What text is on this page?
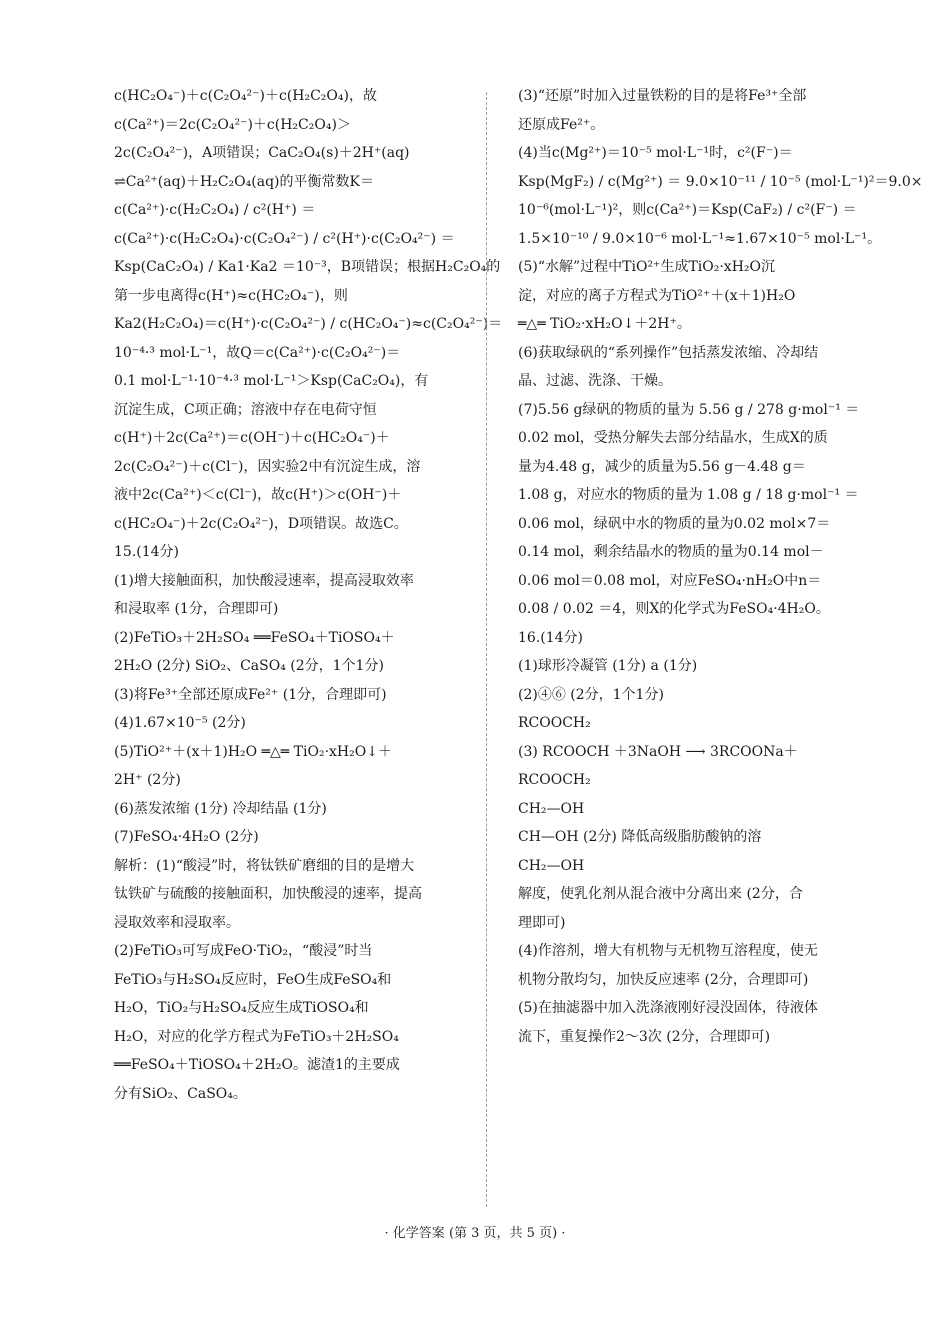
c(HC₂O₄⁻)＋c(C₂O₄²⁻)＋c(H₂C₂O₄)，故
c(Ca²⁺)＝2c(C₂O₄²⁻)＋c(H₂C₂O₄)＞
2c(C₂O₄²⁻)，A项错误；CaC₂O₄(s)＋2H⁺(aq)
⇌Ca²⁺(aq)＋H₂C₂O₄(aq)的平衡常数K＝
c(Ca²⁺)·c(H₂C₂O₄) / c²(H⁺) ＝
c(Ca²⁺)·c(H₂C₂O₄)·c(C₂O₄²⁻) / c²(H⁺)·c(C₂O₄²⁻) ＝
Ksp(CaC₂O₄) / Ka1·Ka2 ＝10⁻³，B项错误；根据H₂C₂O₄的
第一步电离得c(H⁺)≈c(HC₂O₄⁻)，则
Ka2(H₂C₂O₄)＝c(H⁺)·c(C₂O₄²⁻) / c(HC₂O₄⁻)≈c(C₂O₄²⁻)＝
10⁻⁴·³ mol·L⁻¹，故Q＝c(Ca²⁺)·c(C₂O₄²⁻)＝
0.1 mol·L⁻¹·10⁻⁴·³ mol·L⁻¹＞Ksp(CaC₂O₄)，有
沉淀生成，C项正确；溶液中存在电荷守恒
c(H⁺)＋2c(Ca²⁺)＝c(OH⁻)＋c(HC₂O₄⁻)＋
2c(C₂O₄²⁻)＋c(Cl⁻)，因实验2中有沉淀生成，溶
液中2c(Ca²⁺)＜c(Cl⁻)，故c(H⁺)＞c(OH⁻)＋
c(HC₂O₄⁻)＋2c(C₂O₄²⁻)，D项错误。故选C。
15.(14分)
(1)增大接触面积，加快酸浸速率，提高浸取效率
和浸取率 (1分，合理即可)
(2)FeTiO₃＋2H₂SO₄ ══FeSO₄＋TiOSO₄＋
2H₂O (2分) SiO₂、CaSO₄ (2分，1个1分)
(3)将Fe³⁺全部还原成Fe²⁺ (1分，合理即可)
(4)1.67×10⁻⁵ (2分)
(5)TiO²⁺＋(x＋1)H₂O ═△═ TiO₂·xH₂O↓＋
2H⁺ (2分)
(6)蒸发浓缩 (1分) 冷却结晶 (1分)
(7)FeSO₄·4H₂O (2分)
解析：(1)“酸浸”时，将钛铁矿磨细的目的是增大
钛铁矿与硫酸的接触面积，加快酸浸的速率，提高
浸取效率和浸取率。
(2)FeTiO₃可写成FeO·TiO₂，“酸浸”时当
FeTiO₃与H₂SO₄反应时，FeO生成FeSO₄和
H₂O，TiO₂与H₂SO₄反应生成TiOSO₄和
H₂O，对应的化学方程式为FeTiO₃＋2H₂SO₄
══FeSO₄＋TiOSO₄＋2H₂O。滤渣1的主要成
分有SiO₂、CaSO₄。
(3)“还原”时加入过量铁粉的目的是将Fe³⁺全部
还原成Fe²⁺。
(4)当c(Mg²⁺)＝10⁻⁵ mol·L⁻¹时，c²(F⁻)＝
Ksp(MgF₂) / c(Mg²⁺) ＝ 9.0×10⁻¹¹ / 10⁻⁵ (mol·L⁻¹)²＝9.0×
10⁻⁶(mol·L⁻¹)²，则c(Ca²⁺)＝Ksp(CaF₂) / c²(F⁻) ＝
1.5×10⁻¹⁰ / 9.0×10⁻⁶ mol·L⁻¹≈1.67×10⁻⁵ mol·L⁻¹。
(5)“水解”过程中TiO²⁺生成TiO₂·xH₂O沉
淀，对应的离子方程式为TiO²⁺＋(x＋1)H₂O
═△═ TiO₂·xH₂O↓＋2H⁺。
(6)获取绿矾的“系列操作”包括蒸发浓缩、冷却结
晶、过滤、洗涤、干燥。
(7)5.56 g绿矾的物质的量为 5.56 g / 278 g·mol⁻¹ ＝
0.02 mol，受热分解失去部分结晶水，生成X的质
量为4.48 g，减少的质量为5.56 g－4.48 g＝
1.08 g，对应水的物质的量为 1.08 g / 18 g·mol⁻¹ ＝
0.06 mol，绿矾中水的物质的量为0.02 mol×7＝
0.14 mol，剩余结晶水的物质的量为0.14 mol－
0.06 mol＝0.08 mol，对应FeSO₄·nH₂O中n＝
0.08 / 0.02 ＝4，则X的化学式为FeSO₄·4H₂O。
16.(14分)
(1)球形冷凝管 (1分) a (1分)
(2)④⑥ (2分，1个1分)
RCOOCH₂
(3) RCOOCH ＋3NaOH ⟶ 3RCOONa＋
RCOOCH₂
CH₂—OH
CH—OH (2分) 降低高级脂肪酸钠的溶
CH₂—OH
解度，使乳化剂从混合液中分离出来 (2分，合
理即可)
(4)作溶剂，增大有机物与无机物互溶程度，使无
机物分散均匀，加快反应速率 (2分，合理即可)
(5)在抽滤器中加入洗涤液刚好浸没固体，待液体
流下，重复操作2～3次 (2分，合理即可)
· 化学答案 (第 3 页，共 5 页) ·
